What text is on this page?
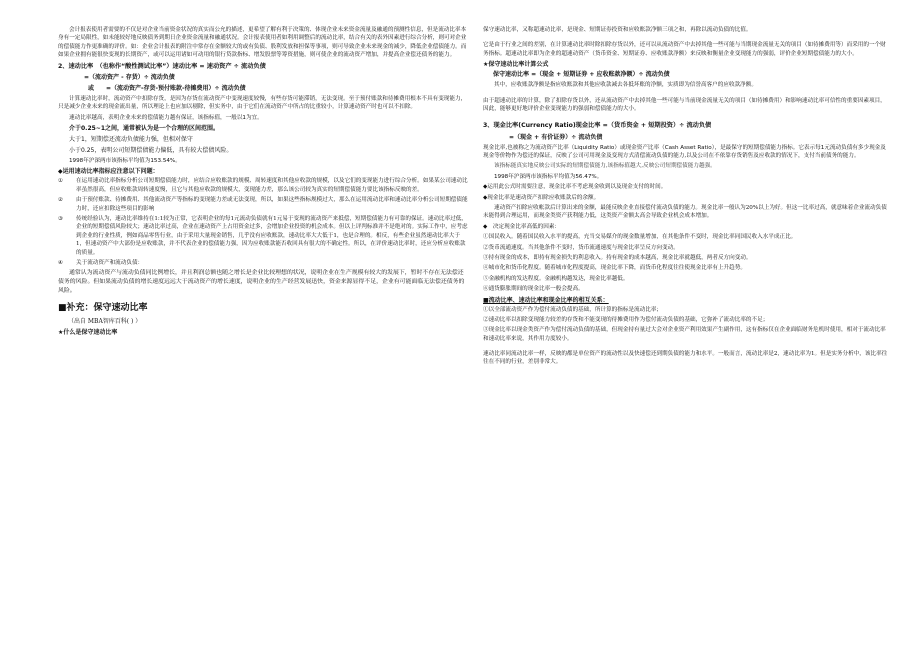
会计报表使用者需要的不仅是对企业当前资金状况的真实而公允的描述，更希望了解有利于决策的、体现企业未来资金流量及融通的预测性信息，但是流动比率本身有一定局限性，如未能较好地反映债务到期日企业资金流量和融通状况。会计报表使用者如利用调整后的流动比率，结合有关的表外因素进行综合分析，则可对企业的偿债能力作更准确的评价。如：企业会计报表的附注中常存在金额较大的或有负债、股利发放和担保等事项，则可导致企业未来现金的减少，降低企业偿债能力。而如果企业拥有能很快变现的长期资产，或可以运用诸如可动用的银行贷款指标、增发股票等筹资措施，则可使企业的流动资产增加，并提高企业偿还债务的能力。

2、速动比率　（也称作“酸性测试比率”）速动比率 = 速动资产 ÷ 流动负债

=（流动资产 - 存货）÷ 流动负债

或　　=（流动资产-存货-预付账款-待摊费用）÷ 流动负债

计算速动比率时，流动资产中扣除存货，是因为存货在流动资产中变现速度较慢，有些存货可能滞销，无法变现。至于预付账款和待摊费用根本不具有变现能力，只是减少企业未来的现金流出量，所以理论上也应加以剔除，但实务中，由于它们在流动资产中所占的比重较小，计算速动资产时也可以不扣除。

速动比率越高，表明企业未来的偿债能力越有保证，该指标值，一般以1为宜。

介于0.25~1之间，通常被认为是一个合理的区间范围。

大于1，短期偿还流动负债能力强，但相对保守

小于0.25，表明公司短期偿债能力偏低，具有较大偿债风险。

1998年沪深两市该指标平均值为153.54%。

◆运用速动比率指标应注意以下问题：

① 在运用速动比率指标分析公司短期偿债能力时，应结合应收账款的规模、周转速度和其他应收款的规模，以及它们的变现能力进行综合分析。如果某公司速动比率虽然很高，但应收账款周转速度慢，且它与其他应收款的规模大，变现能力差，那么该公司较为真实的短期偿债能力要比该指标反映的差。
② 由于预付账款、待摊费用、其他流动资产等指标的变现能力差或无法变现，所以，如果这些指标规模过大，那么在运用流动比率和速动比率分析公司短期偿债能力时，还应扣除这些项目的影响
③ 传统经验认为，速动比率维持在1:1较为正常，它表明企业的每1元流动负债就有1元易于变现的流动资产来抵偿，短期偿债能力有可靠的保证。速动比率过低，企业的短期偿债风险较大；速动比率过高，企业在速动资产上占用资金过多，会增加企业投资的机会成本。但以上评判标准并不是绝对的。实际工作中，应考虑到企业的行业性质，例如商品零售行业，由于采用大量现金销售，几乎没有应收账款，速动比率大大低于1，也是合理的。相反，有些企业虽然速动比率大于1，但速动资产中大部份是应收账款，并不代表企业的偿债能力强，因为应收账款能否收回具有很大的不确定性。所以，在评价速动比率时，还应分析应收账款的质量。
④ 关于流动资产和流动负债：

通常认为流动资产与流动负债同比例增长，并且利润总额也随之增长是企业比较理想的状况，说明企业在生产规模有较大的发展下，暂时不存在无法偿还债务的风险。但如果流动负债的增长速度远远大于流动资产的增长速度，说明企业的生产经营发展迅快，资金来源显得不足，企业有可能面临无法偿还债务的风险。

■补充：保守速动比率

（出自 MBA智库百科( ) ）

★什么是保守速动比率

保守速动比率，又称超速动比率，是现金、短期证券投资和应收账款净额三项之和，再除以流动负债的比值。

它是由于行业之间的差别，在计算速动比率时除扣除存货以外，还可以从流动资产中去掉其他一些可能与当期现金流量无关的项目（如待摊费用等）而采用的一个财务指标。超速动比率即为企业的超速动资产（货币资金、短期证券、应收账款净额）来反映和衡量企业变现能力的强弱，评价企业短期偿债能力的大小。

★保守速动比率计算公式

保守速动比率 =（现金 + 短期证券 + 应收账款净额）÷ 流动负债

其中，应收账款净额是指应收账款和其他应收款减去各抵坏账的净额，实质即为信誉高客户的应收款净额。

由于超速动比率的计算，除了扣除存货以外，还从流动资产中去掉其他一些可能与当前现金流量无关的项目（如待摊费用）和影响速动比率可信性的重要因素项目，因此，能够更好地评价企业变现能力的强弱和偿债能力的大小。

3、现金比率(Currency Ratio)现金比率 =（货币资金 + 短期投资）÷ 流动负债

=（现金 + 有价证券）÷ 流动负债

现金比率,也被称之为流动资产比率（Liquidity Ratio）或现金资产比率（Cash Asset Ratio），是最保守的短期偿债能力指标。它表示每1元流动负债有多少现金及现金等价物作为偿还的保证，反映了公司可用现金及变现方式清偿流动负债的能力,以及公司在不依靠存货销售及应收款的情况下，支付当前债务的能力。

该指标能真实地反映公司实际的短期偿债能力,该指标值越大,反映公司短期偿债能力越强。

1998年沪深两市该指标平均值为56.47%。

◆运用此公式时需要注意，现金比率不考虑现金收到以及现金支付的时间。

◆现金比率是速动资产扣除应收账款后的余额。

速动资产扣除应收帐款后计算出来的金额，最能反映企业直接偿付流动负债的能力。现金比率一般认为20%以上为好。但这一比率过高，就意味着企业流动负债未能得到合理运用，而现金类资产获利能力低，这类资产金额太高会导致企业机会成本增加。

◆　决定现金比率高低的因素：

①国民收入。随着国民收入水平的提高，充当交易媒介的现金数量增加，在其他条件不变时，现金比率同国民收入水平成正比。

②货币流通速度。当其他条件不变时，货币流通速度与现金比率呈反方向变动。

③持有现金的成本，即持有现金损失的利息收入。持有现金的成本越高，现金比率就越低，两者反方向变动。

④城市化和货币化程度。随着城市化程度提高，现金比率下降，而货币化程度往往使现金比率有上升趋势。

⑤金融机构的发达程度。金融机构越发达，现金比率越低。

⑥通货膨胀期间的现金比率一般会提高。

■流动比率、速动比率和现金比率的相互关系：

①以全部流动资产作为偿付流动负债的基础，所计算的指标是流动比率；

②速动比率以扣除变现能力较差的存货和不能变现的待摊费用作为偿付流动负债的基础，它弥补了流动比率的不足；

③现金比率以现金类资产作为偿付流动负债的基础，但现金持有量过大会对企业资产利用效果产生副作用，这有指标仅在企业面临财务危机时使用，相对于流动比率和速动比率来说，其作用力度较小。

速动比率同流动比率一样，反映的都是单位资产的流动性以及快速偿还到期负债的能力和水平。一般而言，流动比率是2，速动比率为1。但是实务分析中，该比率往往在不同的行业，差别非常大。
